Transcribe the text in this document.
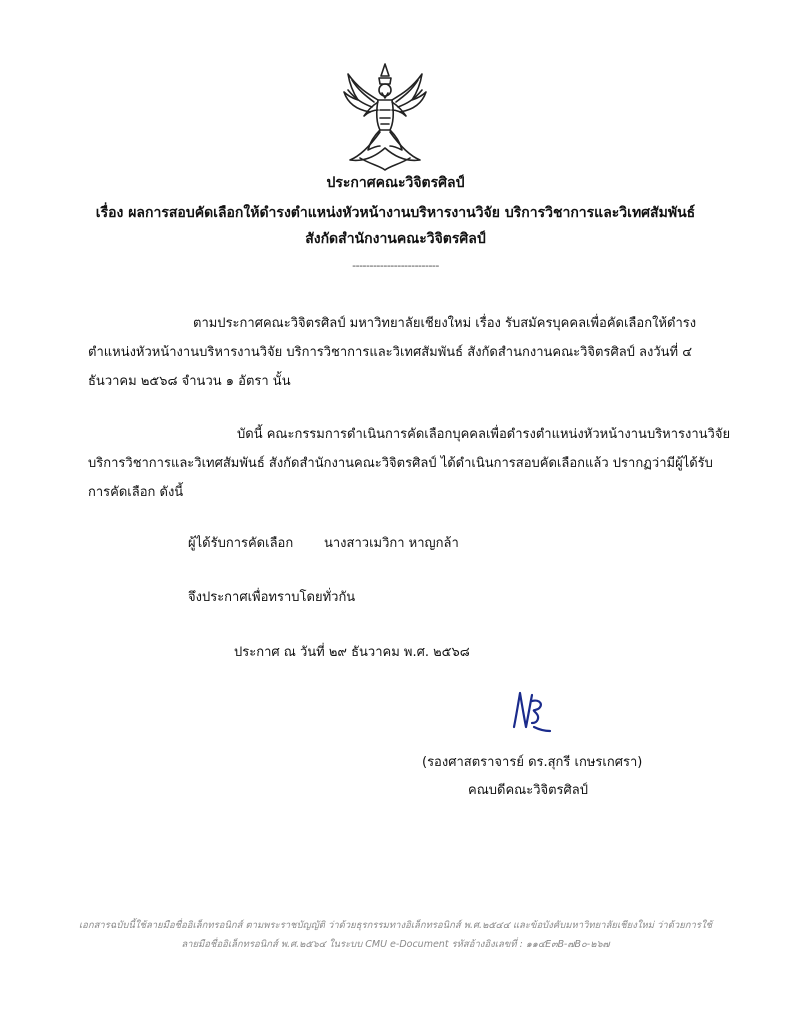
ประกาศคณะวิจิตรศิลป์
เรื่อง ผลการสอบคัดเลือกให้ดำรงตำแหน่งหัวหน้างานบริหารงานวิจัย บริการวิชาการและวิเทศสัมพันธ์
สังกัดสำนักงานคณะวิจิตรศิลป์
-------------------------
ตามประกาศคณะวิจิตรศิลป์ มหาวิทยาลัยเชียงใหม่ เรื่อง รับสมัครบุคคลเพื่อคัดเลือกให้ดำรง
ตำแหน่งหัวหน้างานบริหารงานวิจัย บริการวิชาการและวิเทศสัมพันธ์ สังกัดสำนกงานคณะวิจิตรศิลป์ ลงวันที่ ๔
ธันวาคม ๒๕๖๘ จำนวน ๑ อัตรา นั้น
บัดนี้ คณะกรรมการดำเนินการคัดเลือกบุคคลเพื่อดำรงตำแหน่งหัวหน้างานบริหารงานวิจัย
บริการวิชาการและวิเทศสัมพันธ์ สังกัดสำนักงานคณะวิจิตรศิลป์ ได้ดำเนินการสอบคัดเลือกแล้ว ปรากฏว่ามีผู้ได้รับ
การคัดเลือก ดังนี้
ผู้ได้รับการคัดเลือก นางสาวเมวิกา หาญกล้า
จึงประกาศเพื่อทราบโดยทั่วกัน
ประกาศ ณ วันที่ ๒๙ ธันวาคม พ.ศ. ๒๕๖๘
(รองศาสตราจารย์ ดร.สุกรี เกษรเกศรา)
คณบดีคณะวิจิตรศิลป์
เอกสารฉบับนี้ใช้ลายมือชื่ออิเล็กทรอนิกส์ ตามพระราชบัญญัติ ว่าด้วยธุรกรรมทางอิเล็กทรอนิกส์ พ.ศ.๒๕๔๔ และข้อบังคับมหาวิทยาลัยเชียงใหม่ ว่าด้วยการใช้
ลายมือชื่ออิเล็กทรอนิกส์ พ.ศ.๒๕๖๔ ในระบบ CMU e-Document รหัสอ้างอิงเลขที่ : ๑๑๔E๓B-๗B๐-๒๖๗
